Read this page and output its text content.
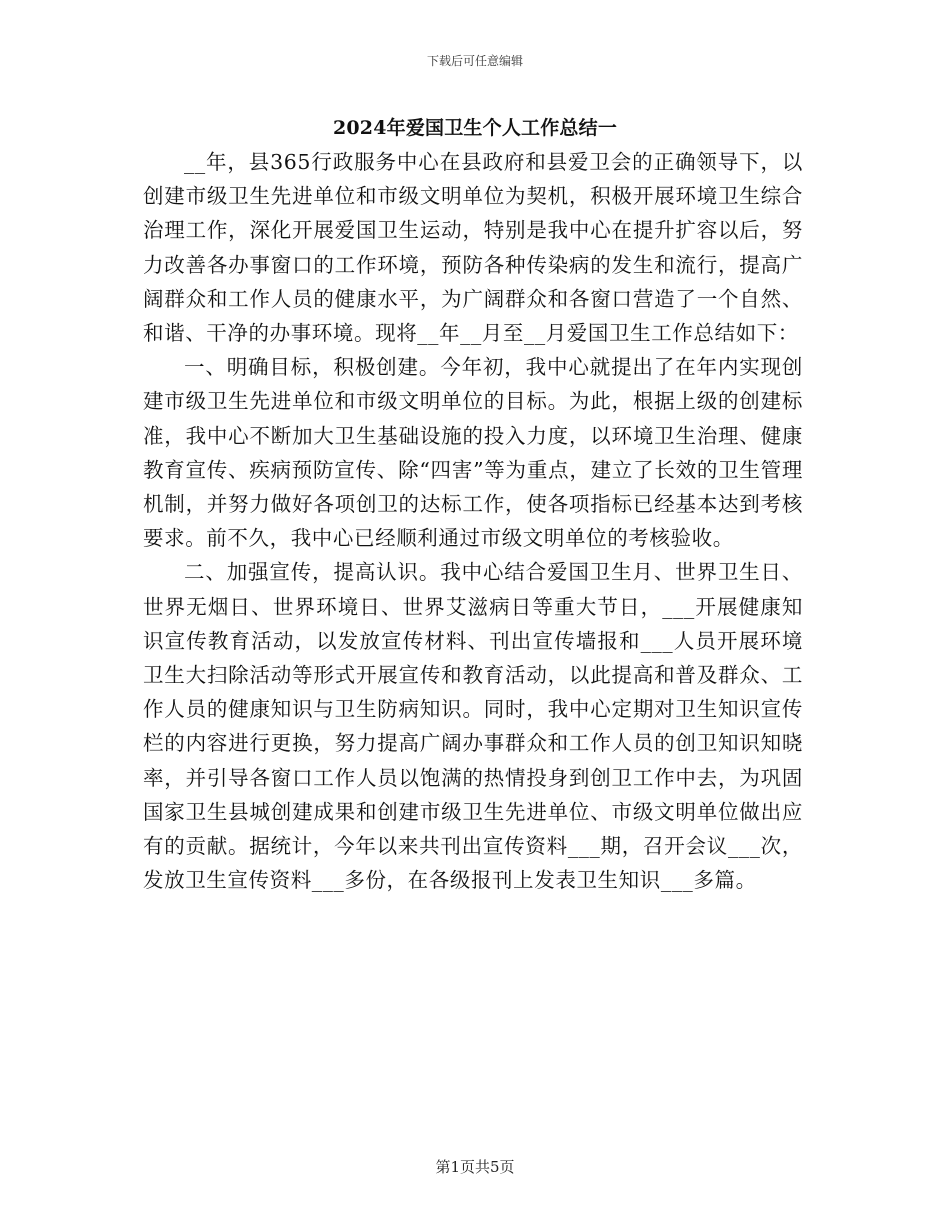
下载后可任意编辑
2024年爱国卫生个人工作总结一

__年，县365行政服务中心在县政府和县爱卫会的正确领导下，以创建市级卫生先进单位和市级文明单位为契机，积极开展环境卫生综合治理工作，深化开展爱国卫生运动，特别是我中心在提升扩容以后，努力改善各办事窗口的工作环境，预防各种传染病的发生和流行，提高广阔群众和工作人员的健康水平，为广阔群众和各窗口营造了一个自然、和谐、干净的办事环境。现将__年__月至__月爱国卫生工作总结如下：

一、明确目标，积极创建。今年初，我中心就提出了在年内实现创建市级卫生先进单位和市级文明单位的目标。为此，根据上级的创建标准，我中心不断加大卫生基础设施的投入力度，以环境卫生治理、健康教育宣传、疾病预防宣传、除“四害”等为重点，建立了长效的卫生管理机制，并努力做好各项创卫的达标工作，使各项指标已经基本达到考核要求。前不久，我中心已经顺利通过市级文明单位的考核验收。

二、加强宣传，提高认识。我中心结合爱国卫生月、世界卫生日、世界无烟日、世界环境日、世界艾滋病日等重大节日，___开展健康知识宣传教育活动，以发放宣传材料、刊出宣传墙报和___人员开展环境卫生大扫除活动等形式开展宣传和教育活动，以此提高和普及群众、工作人员的健康知识与卫生防病知识。同时，我中心定期对卫生知识宣传栏的内容进行更换，努力提高广阔办事群众和工作人员的创卫知识知晓率，并引导各窗口工作人员以饱满的热情投身到创卫工作中去，为巩固国家卫生县城创建成果和创建市级卫生先进单位、市级文明单位做出应有的贡献。据统计，今年以来共刊出宣传资料___期，召开会议___次，发放卫生宣传资料___多份，在各级报刊上发表卫生知识___多篇。

第1页共5页
